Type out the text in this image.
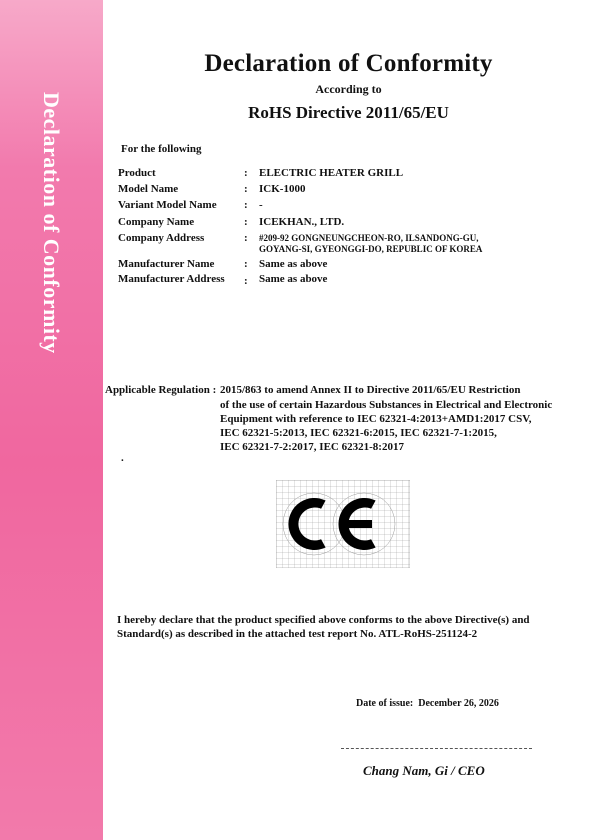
Declaration of Conformity
Declaration of Conformity
According to
RoHS Directive 2011/65/EU
For the following
Product	: ELECTRIC HEATER GRILL
Model Name	: ICK-1000
Variant Model Name : -
Company Name	: ICEKHAN., LTD.
Company Address	: #209-92 GONGNEUNGCHEON-RO, ILSANDONG-GU,
GOYANG-SI, GYEONGGI-DO, REPUBLIC OF KOREA
Manufacturer Name	: Same as above
Manufacturer Address : Same as above
Applicable Regulation : 2015/863 to amend Annex II to Directive 2011/65/EU Restriction
of the use of certain Hazardous Substances in Electrical and Electronic
Equipment with reference to IEC 62321-4:2013+AMD1:2017 CSV,
IEC 62321-5:2013, IEC 62321-6:2015, IEC 62321-7-1:2015,
IEC 62321-7-2:2017, IEC 62321-8:2017
.
I hereby declare that the product specified above conforms to the above Directive(s) and
Standard(s) as described in the attached test report No. ATL-RoHS-251124-2
Date of issue: December 26, 2026
Chang Nam, Gi / CEO
